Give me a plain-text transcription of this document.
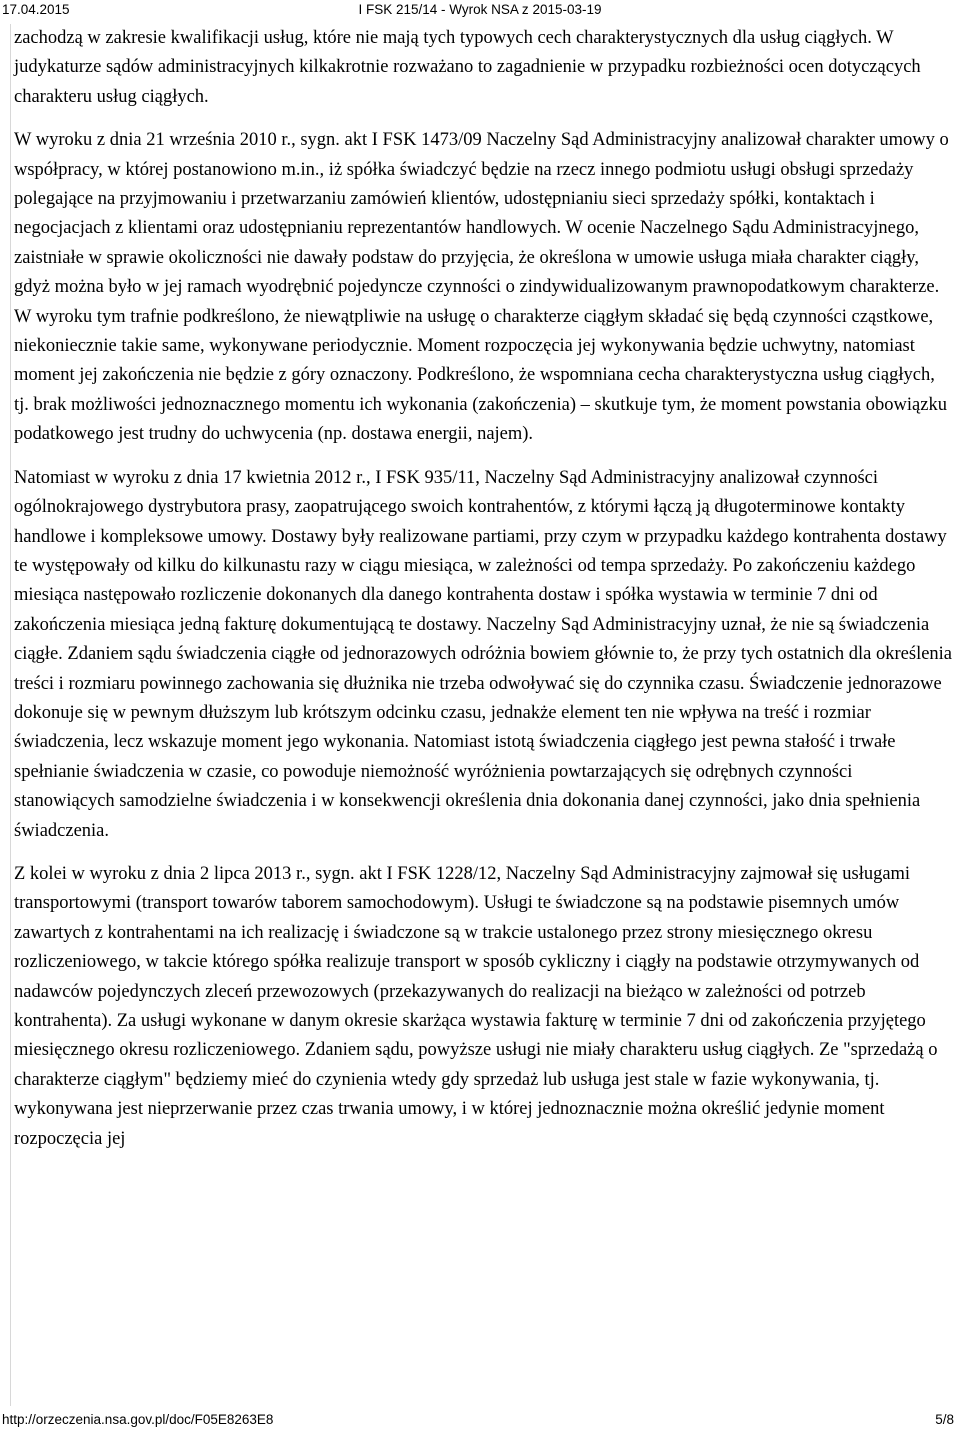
17.04.2015	I FSK 215/14 - Wyrok NSA z 2015-03-19

zachodzą w zakresie kwalifikacji usług, które nie mają tych typowych cech charakterystycznych dla usług ciągłych. W judykaturze sądów administracyjnych kilkakrotnie rozważano to zagadnienie w przypadku rozbieżności ocen dotyczących charakteru usług ciągłych.

W wyroku z dnia 21 września 2010 r., sygn. akt I FSK 1473/09 Naczelny Sąd Administracyjny analizował charakter umowy o współpracy, w której postanowiono m.in., iż spółka świadczyć będzie na rzecz innego podmiotu usługi obsługi sprzedaży polegające na przyjmowaniu i przetwarzaniu zamówień klientów, udostępnianiu sieci sprzedaży spółki, kontaktach i negocjacjach z klientami oraz udostępnianiu reprezentantów handlowych. W ocenie Naczelnego Sądu Administracyjnego, zaistniałe w sprawie okoliczności nie dawały podstaw do przyjęcia, że określona w umowie usługa miała charakter ciągły, gdyż można było w jej ramach wyodrębnić pojedyncze czynności o zindywidualizowanym prawnopodatkowym charakterze. W wyroku tym trafnie podkreślono, że niewątpliwie na usługę o charakterze ciągłym składać się będą czynności cząstkowe, niekoniecznie takie same, wykonywane periodycznie. Moment rozpoczęcia jej wykonywania będzie uchwytny, natomiast moment jej zakończenia nie będzie z góry oznaczony. Podkreślono, że wspomniana cecha charakterystyczna usług ciągłych, tj. brak możliwości jednoznacznego momentu ich wykonania (zakończenia) – skutkuje tym, że moment powstania obowiązku podatkowego jest trudny do uchwycenia (np. dostawa energii, najem).

Natomiast w wyroku z dnia 17 kwietnia 2012 r., I FSK 935/11, Naczelny Sąd Administracyjny analizował czynności ogólnokrajowego dystrybutora prasy, zaopatrującego swoich kontrahentów, z którymi łączą ją długoterminowe kontakty handlowe i kompleksowe umowy. Dostawy były realizowane partiami, przy czym w przypadku każdego kontrahenta dostawy te występowały od kilku do kilkunastu razy w ciągu miesiąca, w zależności od tempa sprzedaży. Po zakończeniu każdego miesiąca następowało rozliczenie dokonanych dla danego kontrahenta dostaw i spółka wystawia w terminie 7 dni od zakończenia miesiąca jedną fakturę dokumentującą te dostawy. Naczelny Sąd Administracyjny uznał, że nie są świadczenia ciągłe. Zdaniem sądu świadczenia ciągłe od jednorazowych odróżnia bowiem głównie to, że przy tych ostatnich dla określenia treści i rozmiaru powinnego zachowania się dłużnika nie trzeba odwoływać się do czynnika czasu. Świadczenie jednorazowe dokonuje się w pewnym dłuższym lub krótszym odcinku czasu, jednakże element ten nie wpływa na treść i rozmiar świadczenia, lecz wskazuje moment jego wykonania. Natomiast istotą świadczenia ciągłego jest pewna stałość i trwałe spełnianie świadczenia w czasie, co powoduje niemożność wyróżnienia powtarzających się odrębnych czynności stanowiących samodzielne świadczenia i w konsekwencji określenia dnia dokonania danej czynności, jako dnia spełnienia świadczenia.

Z kolei w wyroku z dnia 2 lipca 2013 r., sygn. akt I FSK 1228/12, Naczelny Sąd Administracyjny zajmował się usługami transportowymi (transport towarów taborem samochodowym). Usługi te świadczone są na podstawie pisemnych umów zawartych z kontrahentami na ich realizację i świadczone są w trakcie ustalonego przez strony miesięcznego okresu rozliczeniowego, w takcie którego spółka realizuje transport w sposób cykliczny i ciągły na podstawie otrzymywanych od nadawców pojedynczych zleceń przewozowych (przekazywanych do realizacji na bieżąco w zależności od potrzeb kontrahenta). Za usługi wykonane w danym okresie skarżąca wystawia fakturę w terminie 7 dni od zakończenia przyjętego miesięcznego okresu rozliczeniowego. Zdaniem sądu, powyższe usługi nie miały charakteru usług ciągłych. Ze "sprzedażą o charakterze ciągłym" będziemy mieć do czynienia wtedy gdy sprzedaż lub usługa jest stale w fazie wykonywania, tj. wykonywana jest nieprzerwanie przez czas trwania umowy, i w której jednoznacznie można określić jedynie moment rozpoczęcia jej

http://orzeczenia.nsa.gov.pl/doc/F05E8263E8	5/8
